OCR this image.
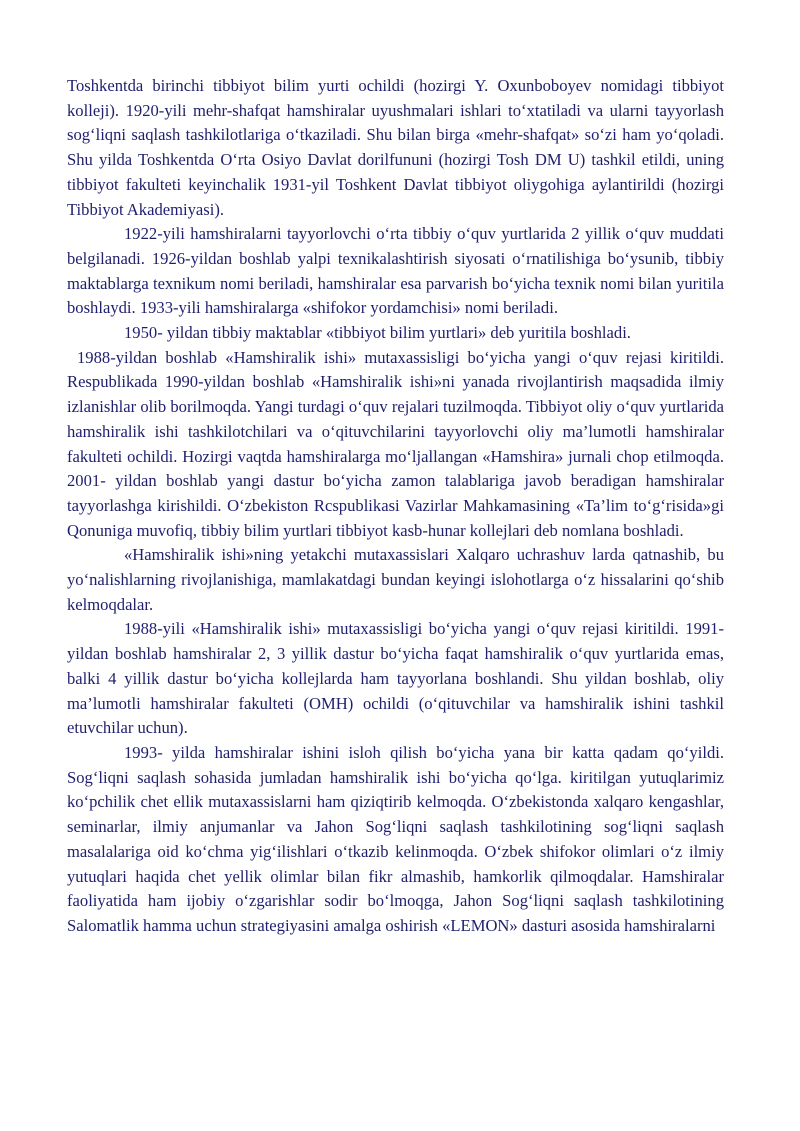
Toshkentda birinchi tibbiyot bilim yurti ochildi (hozirgi Y. Oxunboboyev nomidagi tibbiyot kolleji). 1920-yili mehr-shafqat hamshiralar uyushmalari ishlari to‘xtatiladi va ularni tayyorlash sog‘liqni saqlash tashkilotlariga o‘tkaziladi. Shu bilan birga «mehr-shafqat» so‘zi ham yo‘qoladi. Shu yilda Toshkentda O‘rta Osiyo Davlat dorilfununi (hozirgi Tosh DM U) tashkil etildi, uning tibbiyot fakulteti keyinchalik 1931-yil Toshkent Davlat tibbiyot oliygohiga aylantirildi (hozirgi Tibbiyot Akademiyasi).

1922-yili hamshiralarni tayyorlovchi o‘rta tibbiy o‘quv yurtlarida 2 yillik o‘quv muddati belgilanadi. 1926-yildan boshlab yalpi texnikalashtirish siyosati o‘rnatilishiga bo‘ysunib, tibbiy maktablarga texnikum nomi beriladi, hamshiralar esa parvarish bo‘yicha texnik nomi bilan yuritila boshlaydi. 1933-yili hamshiralarga «shifokor yordamchisi» nomi beriladi.

1950- yildan tibbiy maktablar «tibbiyot bilim yurtlari» deb yuritila boshladi.

1988-yildan boshlab «Hamshiralik ishi» mutaxassisligi bo‘yicha yangi o‘quv rejasi kiritildi. Respublikada 1990-yildan boshlab «Hamshiralik ishi»ni yanada rivojlantirish maqsadida ilmiy izlanishlar olib borilmoqda. Yangi turdagi o‘quv rejalari tuzilmoqda. Tibbiyot oliy o‘quv yurtlarida hamshiralik ishi tashkilotchilari va o‘qituvchilarini tayyorlovchi oliy ma’lumotli hamshiralar fakulteti ochildi. Hozirgi vaqtda hamshiralarga mo‘ljallangan «Hamshira» jurnali chop etilmoqda. 2001- yildan boshlab yangi dastur bo‘yicha zamon talablariga javob beradigan hamshiralar tayyorlashga kirishildi. O‘zbekiston Rcspublikasi Vazirlar Mahkamasining «Ta’lim to‘g‘risida»gi Qonuniga muvofiq, tibbiy bilim yurtlari tibbiyot kasb-hunar kollejlari deb nomlana boshladi.

«Hamshiralik ishi»ning yetakchi mutaxassislari Xalqaro uchrashuv larda qatnashib, bu yo‘nalishlarning rivojlanishiga, mamlakatdagi bundan keyingi islohotlarga o‘z hissalarini qo‘shib kelmoqdalar.

1988-yili «Hamshiralik ishi» mutaxassisligi bo‘yicha yangi o‘quv rejasi kiritildi. 1991-yildan boshlab hamshiralar 2, 3 yillik dastur bo‘yicha faqat hamshiralik o‘quv yurtlarida emas, balki 4 yillik dastur bo‘yicha kollejlarda ham tayyorlana boshlandi. Shu yildan boshlab, oliy ma’lumotli hamshiralar fakulteti (OMH) ochildi (o‘qituvchilar va hamshiralik ishini tashkil etuvchilar uchun).

1993- yilda hamshiralar ishini isloh qilish bo‘yicha yana bir katta qadam qo‘yildi. Sog‘liqni saqlash sohasida jumladan hamshiralik ishi bo‘yicha qo‘lga. kiritilgan yutuqlarimiz ko‘pchilik chet ellik mutaxassislarni ham qiziqtirib kelmoqda. O‘zbekistonda xalqaro kengashlar, seminarlar, ilmiy anjumanlar va Jahon Sog‘liqni saqlash tashkilotining sog‘liqni saqlash masalalariga oid ko‘chma yig‘ilishlari o‘tkazib kelinmoqda. O‘zbek shifokor olimlari o‘z ilmiy yutuqlari haqida chet yellik olimlar bilan fikr almashib, hamkorlik qilmoqdalar. Hamshiralar faoliyatida ham ijobiy o‘zgarishlar sodir bo‘lmoqga, Jahon Sog‘liqni saqlash tashkilotining Salomatlik hamma uchun strategiyasini amalga oshirish «LEMON» dasturi asosida hamshiralarni
